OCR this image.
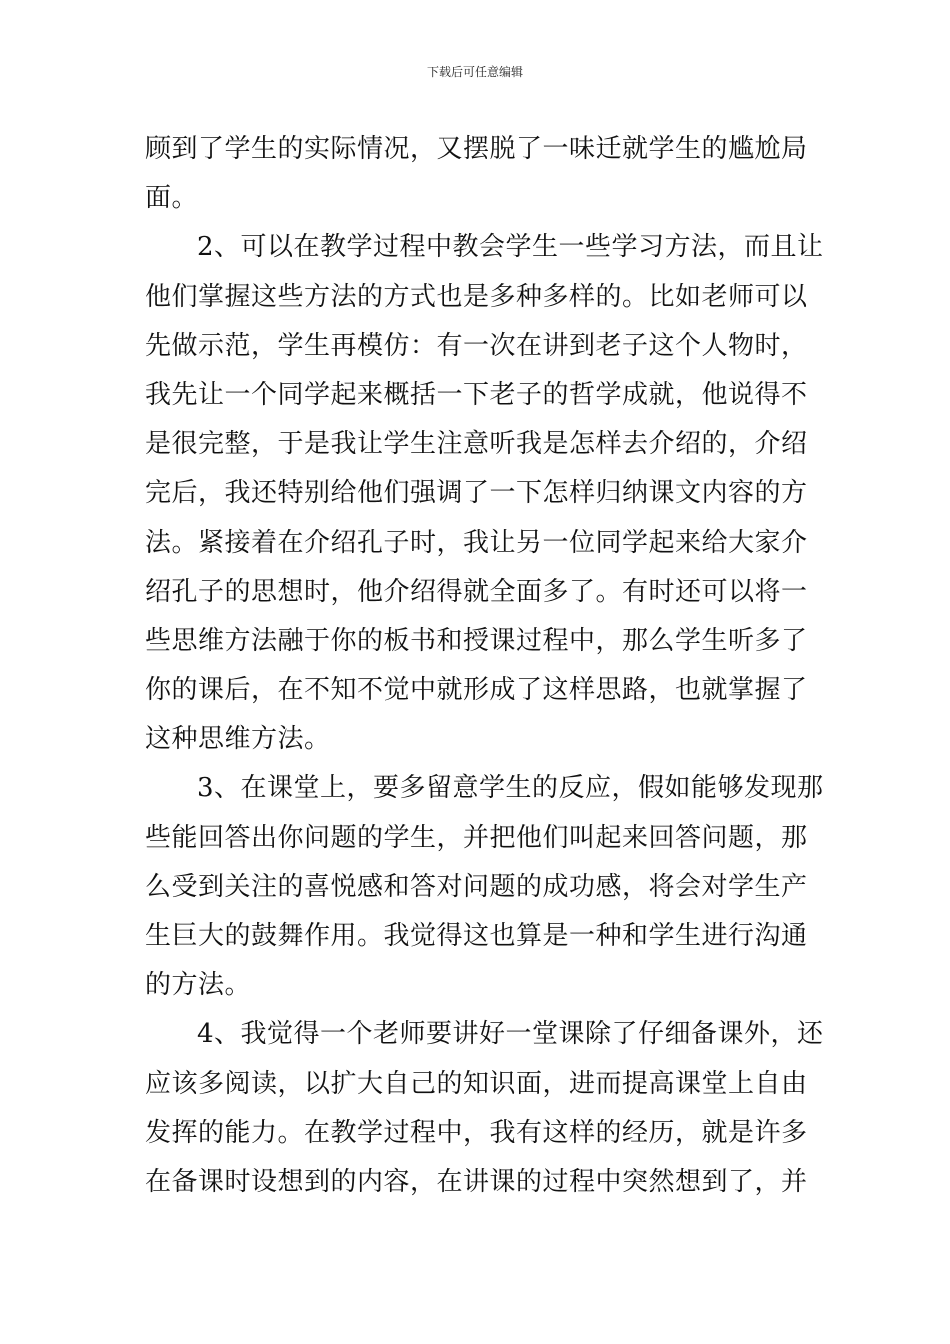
下载后可任意编辑
顾到了学生的实际情况，又摆脱了一味迁就学生的尴尬局
面。
2、可以在教学过程中教会学生一些学习方法，而且让
他们掌握这些方法的方式也是多种多样的。比如老师可以
先做示范，学生再模仿：有一次在讲到老子这个人物时，
我先让一个同学起来概括一下老子的哲学成就，他说得不
是很完整，于是我让学生注意听我是怎样去介绍的，介绍
完后，我还特别给他们强调了一下怎样归纳课文内容的方
法。紧接着在介绍孔子时，我让另一位同学起来给大家介
绍孔子的思想时，他介绍得就全面多了。有时还可以将一
些思维方法融于你的板书和授课过程中，那么学生听多了
你的课后，在不知不觉中就形成了这样思路，也就掌握了
这种思维方法。
3、在课堂上，要多留意学生的反应，假如能够发现那
些能回答出你问题的学生，并把他们叫起来回答问题，那
么受到关注的喜悦感和答对问题的成功感，将会对学生产
生巨大的鼓舞作用。我觉得这也算是一种和学生进行沟通
的方法。
4、我觉得一个老师要讲好一堂课除了仔细备课外，还
应该多阅读，以扩大自己的知识面，进而提高课堂上自由
发挥的能力。在教学过程中，我有这样的经历，就是许多
在备课时设想到的内容，在讲课的过程中突然想到了，并
